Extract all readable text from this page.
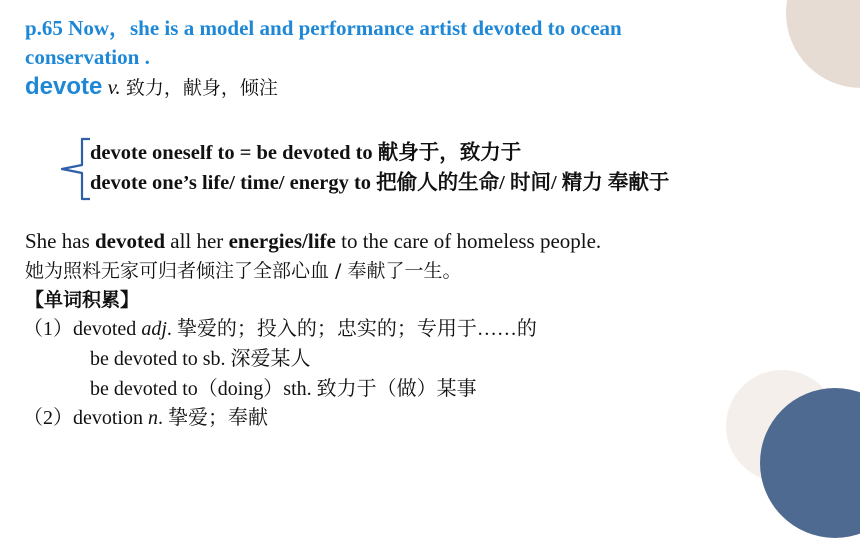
p.65 Now，she is a model and performance artist devoted to ocean
conservation .
devote v. 致力，献身，倾注
devote oneself to = be devoted to 献身于，致力于
devote one’s life/ time/ energy to 把偷人的生命/ 时间/ 精力 奉献于
She has devoted all her energies/life to the care of homeless people.
她为照料无家可归者倾注了全部心血 / 奉献了一生。
【单词积累】
（1）devoted adj. 挚爱的；投入的；忠实的；专用于……的
be devoted to sb. 深爱某人
be devoted to（doing）sth. 致力于（做）某事
（2）devotion n. 挚爱；奉献
